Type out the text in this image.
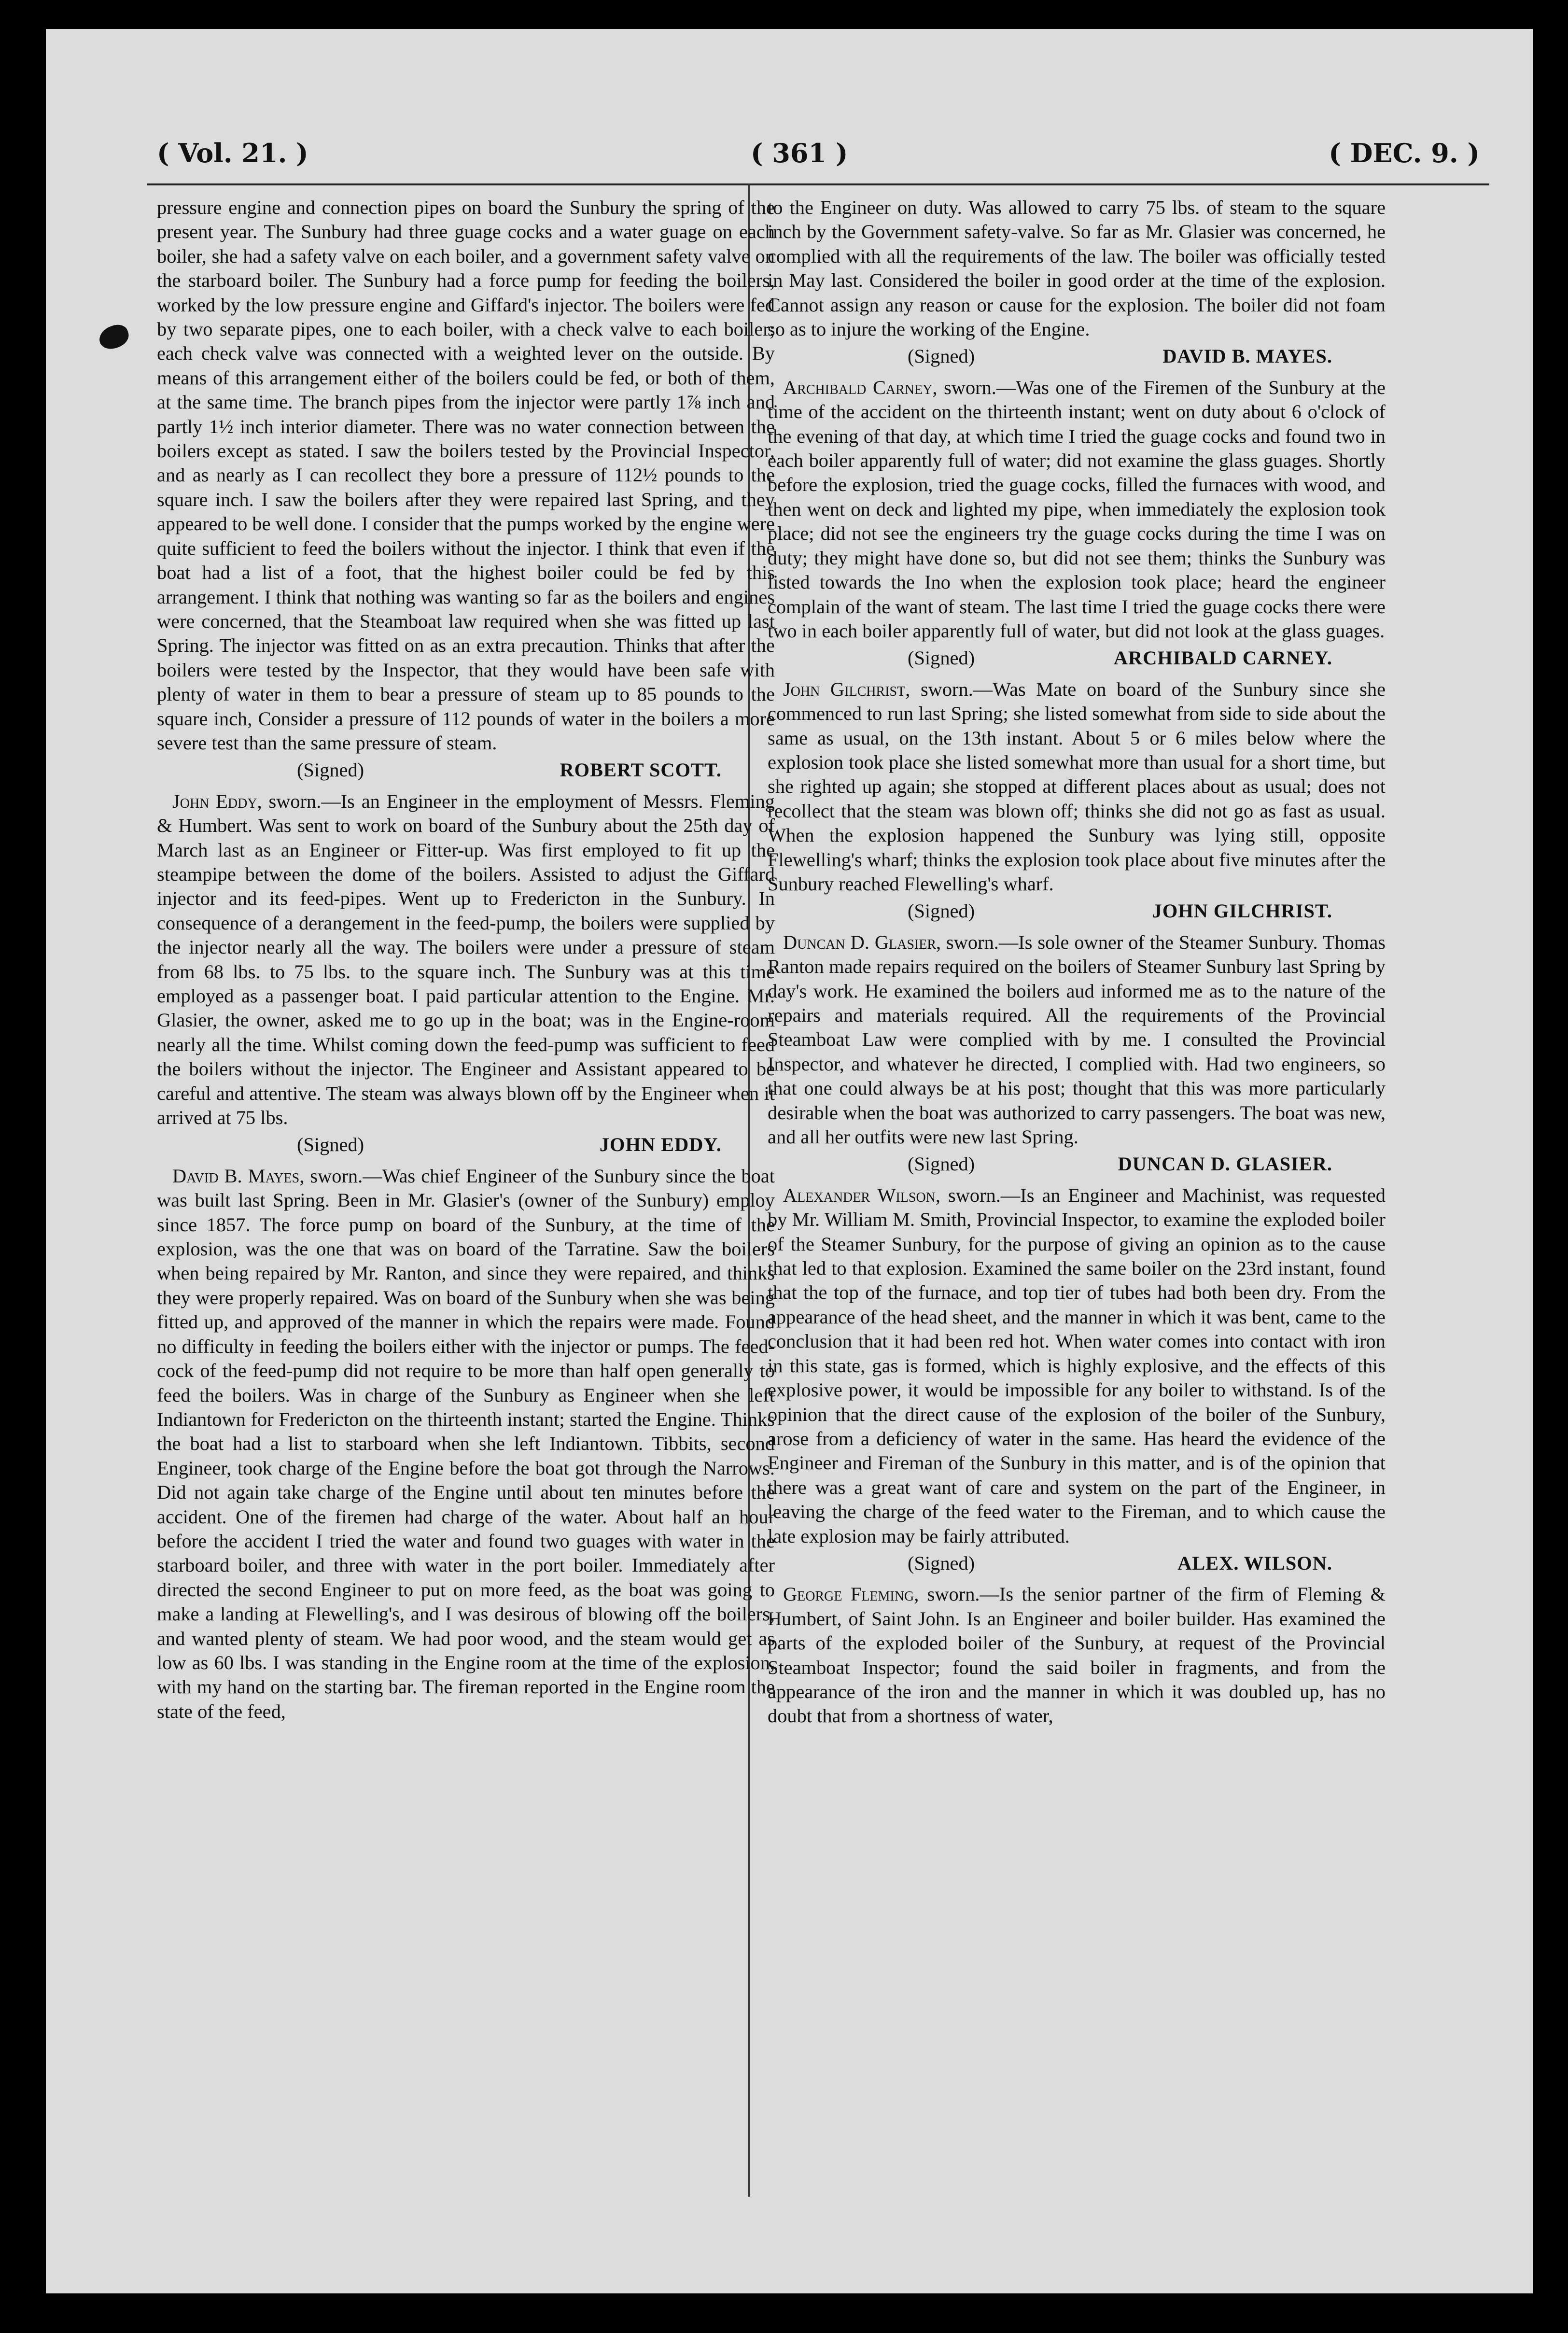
( Vol. 21. )	( 361 )	( DEC. 9. )

pressure engine and connection pipes on board the Sunbury the spring of the present year. The Sunbury had three guage cocks and a water guage on each boiler, she had a safety valve on each boiler, and a government safety valve on the starboard boiler. The Sunbury had a force pump for feeding the boilers, worked by the low pressure engine and Giffard's injector. The boilers were fed by two separate pipes, one to each boiler, with a check valve to each boiler; each check valve was connected with a weighted lever on the outside. By means of this arrangement either of the boilers could be fed, or both of them, at the same time. The branch pipes from the injector were partly 1⅞ inch and partly 1½ inch interior diameter. There was no water connection between the boilers except as stated. I saw the boilers tested by the Provincial Inspector, and as nearly as I can recollect they bore a pressure of 112½ pounds to the square inch. I saw the boilers after they were repaired last Spring, and they appeared to be well done. I consider that the pumps worked by the engine were quite sufficient to feed the boilers without the injector. I think that even if the boat had a list of a foot, that the highest boiler could be fed by this arrangement. I think that nothing was wanting so far as the boilers and engines were concerned, that the Steamboat law required when she was fitted up last Spring. The injector was fitted on as an extra precaution. Thinks that after the boilers were tested by the Inspector, that they would have been safe with plenty of water in them to bear a pressure of steam up to 85 pounds to the square inch, Consider a pressure of 112 pounds of water in the boilers a more severe test than the same pressure of steam.

(Signed)	ROBERT SCOTT.

John Eddy, sworn.—Is an Engineer in the employment of Messrs. Fleming & Humbert. Was sent to work on board of the Sunbury about the 25th day of March last as an Engineer or Fitter-up. Was first employed to fit up the steampipe between the dome of the boilers. Assisted to adjust the Giffard injector and its feed-pipes. Went up to Fredericton in the Sunbury. In consequence of a derangement in the feed-pump, the boilers were supplied by the injector nearly all the way. The boilers were under a pressure of steam from 68 lbs. to 75 lbs. to the square inch. The Sunbury was at this time employed as a passenger boat. I paid particular attention to the Engine. Mr. Glasier, the owner, asked me to go up in the boat; was in the Engine-room nearly all the time. Whilst coming down the feed-pump was sufficient to feed the boilers without the injector. The Engineer and Assistant appeared to be careful and attentive. The steam was always blown off by the Engineer when it arrived at 75 lbs.

(Signed)	JOHN EDDY.

David B. Mayes, sworn.—Was chief Engineer of the Sunbury since the boat was built last Spring. Been in Mr. Glasier's (owner of the Sunbury) employ since 1857. The force pump on board of the Sunbury, at the time of the explosion, was the one that was on board of the Tarratine. Saw the boilers when being repaired by Mr. Ranton, and since they were repaired, and thinks they were properly repaired. Was on board of the Sunbury when she was being fitted up, and approved of the manner in which the repairs were made. Found no difficulty in feeding the boilers either with the injector or pumps. The feed-cock of the feed-pump did not require to be more than half open generally to feed the boilers. Was in charge of the Sunbury as Engineer when she left Indiantown for Fredericton on the thirteenth instant; started the Engine. Thinks the boat had a list to starboard when she left Indiantown. Tibbits, second Engineer, took charge of the Engine before the boat got through the Narrows. Did not again take charge of the Engine until about ten minutes before the accident. One of the firemen had charge of the water. About half an hour before the accident I tried the water and found two guages with water in the starboard boiler, and three with water in the port boiler. Immediately after directed the second Engineer to put on more feed, as the boat was going to make a landing at Flewelling's, and I was desirous of blowing off the boilers, and wanted plenty of steam. We had poor wood, and the steam would get as low as 60 lbs. I was standing in the Engine room at the time of the explosion, with my hand on the starting bar. The fireman reported in the Engine room the state of the feed,

to the Engineer on duty. Was allowed to carry 75 lbs. of steam to the square inch by the Government safety-valve. So far as Mr. Glasier was concerned, he complied with all the requirements of the law. The boiler was officially tested in May last. Considered the boiler in good order at the time of the explosion. Cannot assign any reason or cause for the explosion. The boiler did not foam so as to injure the working of the Engine.

(Signed)	DAVID B. MAYES.

Archibald Carney, sworn.—Was one of the Firemen of the Sunbury at the time of the accident on the thirteenth instant; went on duty about 6 o'clock of the evening of that day, at which time I tried the guage cocks and found two in each boiler apparently full of water; did not examine the glass guages. Shortly before the explosion, tried the guage cocks, filled the furnaces with wood, and then went on deck and lighted my pipe, when immediately the explosion took place; did not see the engineers try the guage cocks during the time I was on duty; they might have done so, but did not see them; thinks the Sunbury was listed towards the Ino when the explosion took place; heard the engineer complain of the want of steam. The last time I tried the guage cocks there were two in each boiler apparently full of water, but did not look at the glass guages.

(Signed)	ARCHIBALD CARNEY.

John Gilchrist, sworn.—Was Mate on board of the Sunbury since she commenced to run last Spring; she listed somewhat from side to side about the same as usual, on the 13th instant. About 5 or 6 miles below where the explosion took place she listed somewhat more than usual for a short time, but she righted up again; she stopped at different places about as usual; does not recollect that the steam was blown off; thinks she did not go as fast as usual. When the explosion happened the Sunbury was lying still, opposite Flewelling's wharf; thinks the explosion took place about five minutes after the Sunbury reached Flewelling's wharf.

(Signed)	JOHN GILCHRIST.

Duncan D. Glasier, sworn.—Is sole owner of the Steamer Sunbury. Thomas Ranton made repairs required on the boilers of Steamer Sunbury last Spring by day's work. He examined the boilers aud informed me as to the nature of the repairs and materials required. All the requirements of the Provincial Steamboat Law were complied with by me. I consulted the Provincial Inspector, and whatever he directed, I complied with. Had two engineers, so that one could always be at his post; thought that this was more particularly desirable when the boat was authorized to carry passengers. The boat was new, and all her outfits were new last Spring.

(Signed)	DUNCAN D. GLASIER.

Alexander Wilson, sworn.—Is an Engineer and Machinist, was requested by Mr. William M. Smith, Provincial Inspector, to examine the exploded boiler of the Steamer Sunbury, for the purpose of giving an opinion as to the cause that led to that explosion. Examined the same boiler on the 23rd instant, found that the top of the furnace, and top tier of tubes had both been dry. From the appearance of the head sheet, and the manner in which it was bent, came to the conclusion that it had been red hot. When water comes into contact with iron in this state, gas is formed, which is highly explosive, and the effects of this explosive power, it would be impossible for any boiler to withstand. Is of the opinion that the direct cause of the explosion of the boiler of the Sunbury, arose from a deficiency of water in the same. Has heard the evidence of the Engineer and Fireman of the Sunbury in this matter, and is of the opinion that there was a great want of care and system on the part of the Engineer, in leaving the charge of the feed water to the Fireman, and to which cause the late explosion may be fairly attributed.

(Signed)	ALEX. WILSON.

George Fleming, sworn.—Is the senior partner of the firm of Fleming & Humbert, of Saint John. Is an Engineer and boiler builder. Has examined the parts of the exploded boiler of the Sunbury, at request of the Provincial Steamboat Inspector; found the said boiler in fragments, and from the appearance of the iron and the manner in which it was doubled up, has no doubt that from a shortness of water,
